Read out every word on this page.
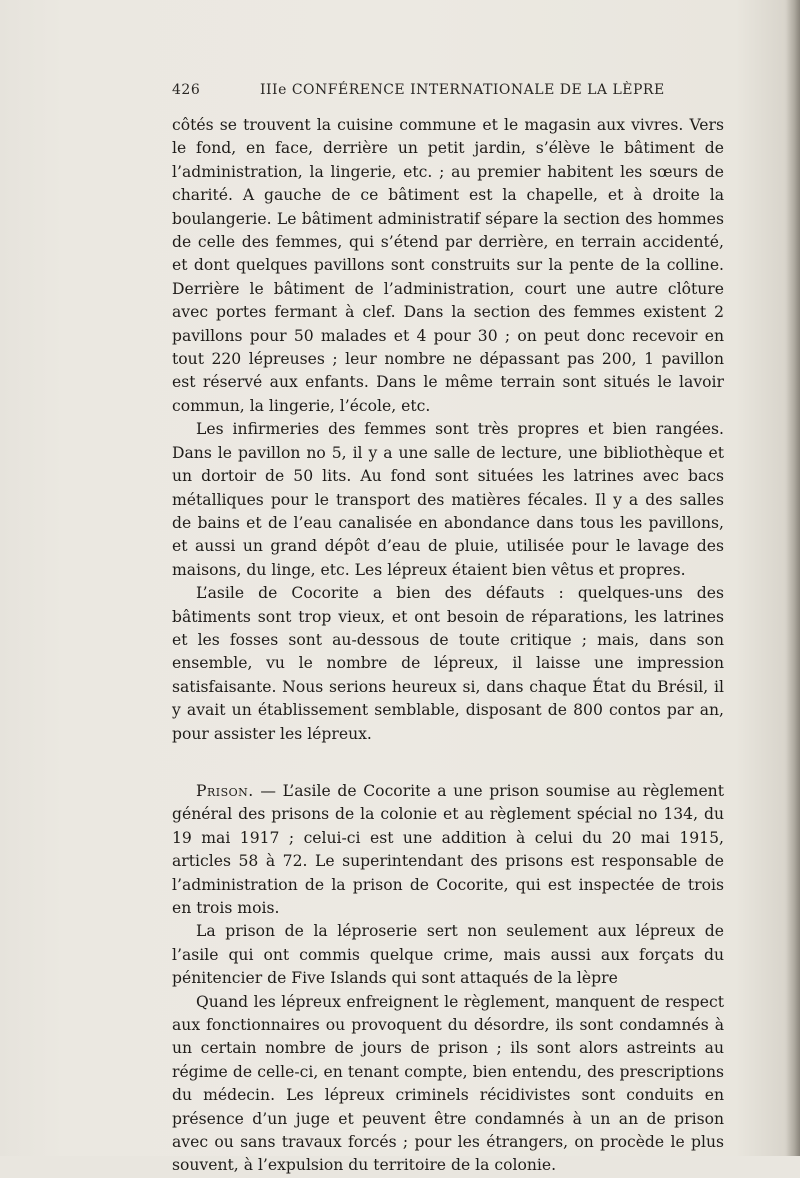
426	IIIe CONFÉRENCE INTERNATIONALE DE LA LÈPRE

côtés se trouvent la cuisine commune et le magasin aux vivres. Vers le fond, en face, derrière un petit jardin, s’élève le bâtiment de l’administration, la lingerie, etc. ; au premier habitent les sœurs de charité. A gauche de ce bâtiment est la chapelle, et à droite la boulangerie. Le bâtiment administratif sépare la section des hommes de celle des femmes, qui s’étend par derrière, en terrain accidenté, et dont quelques pavillons sont construits sur la pente de la colline. Derrière le bâtiment de l’administration, court une autre clôture avec portes fermant à clef. Dans la section des femmes existent 2 pavillons pour 50 malades et 4 pour 30 ; on peut donc recevoir en tout 220 lépreuses ; leur nombre ne dépassant pas 200, 1 pavillon est réservé aux enfants. Dans le même terrain sont situés le lavoir commun, la lingerie, l’école, etc.

Les infirmeries des femmes sont très propres et bien rangées. Dans le pavillon no 5, il y a une salle de lecture, une bibliothèque et un dortoir de 50 lits. Au fond sont situées les latrines avec bacs métalliques pour le transport des matières fécales. Il y a des salles de bains et de l’eau canalisée en abondance dans tous les pavillons, et aussi un grand dépôt d’eau de pluie, utilisée pour le lavage des maisons, du linge, etc. Les lépreux étaient bien vêtus et propres.

L’asile de Cocorite a bien des défauts : quelques-uns des bâtiments sont trop vieux, et ont besoin de réparations, les latrines et les fosses sont au-dessous de toute critique ; mais, dans son ensemble, vu le nombre de lépreux, il laisse une impression satisfaisante. Nous serions heureux si, dans chaque État du Brésil, il y avait un établissement semblable, disposant de 800 contos par an, pour assister les lépreux.

Prison. — L’asile de Cocorite a une prison soumise au règlement général des prisons de la colonie et au règlement spécial no 134, du 19 mai 1917 ; celui-ci est une addition à celui du 20 mai 1915, articles 58 à 72. Le superintendant des prisons est responsable de l’administration de la prison de Cocorite, qui est inspectée de trois en trois mois.

La prison de la léproserie sert non seulement aux lépreux de l’asile qui ont commis quelque crime, mais aussi aux forçats du pénitencier de Five Islands qui sont attaqués de la lèpre

Quand les lépreux enfreignent le règlement, manquent de respect aux fonctionnaires ou provoquent du désordre, ils sont condamnés à un certain nombre de jours de prison ; ils sont alors astreints au régime de celle-ci, en tenant compte, bien entendu, des prescriptions du médecin. Les lépreux criminels récidivistes sont conduits en présence d’un juge et peuvent être condamnés à un an de prison avec ou sans travaux forcés ; pour les étrangers, on procède le plus souvent, à l’expulsion du territoire de la colonie.
